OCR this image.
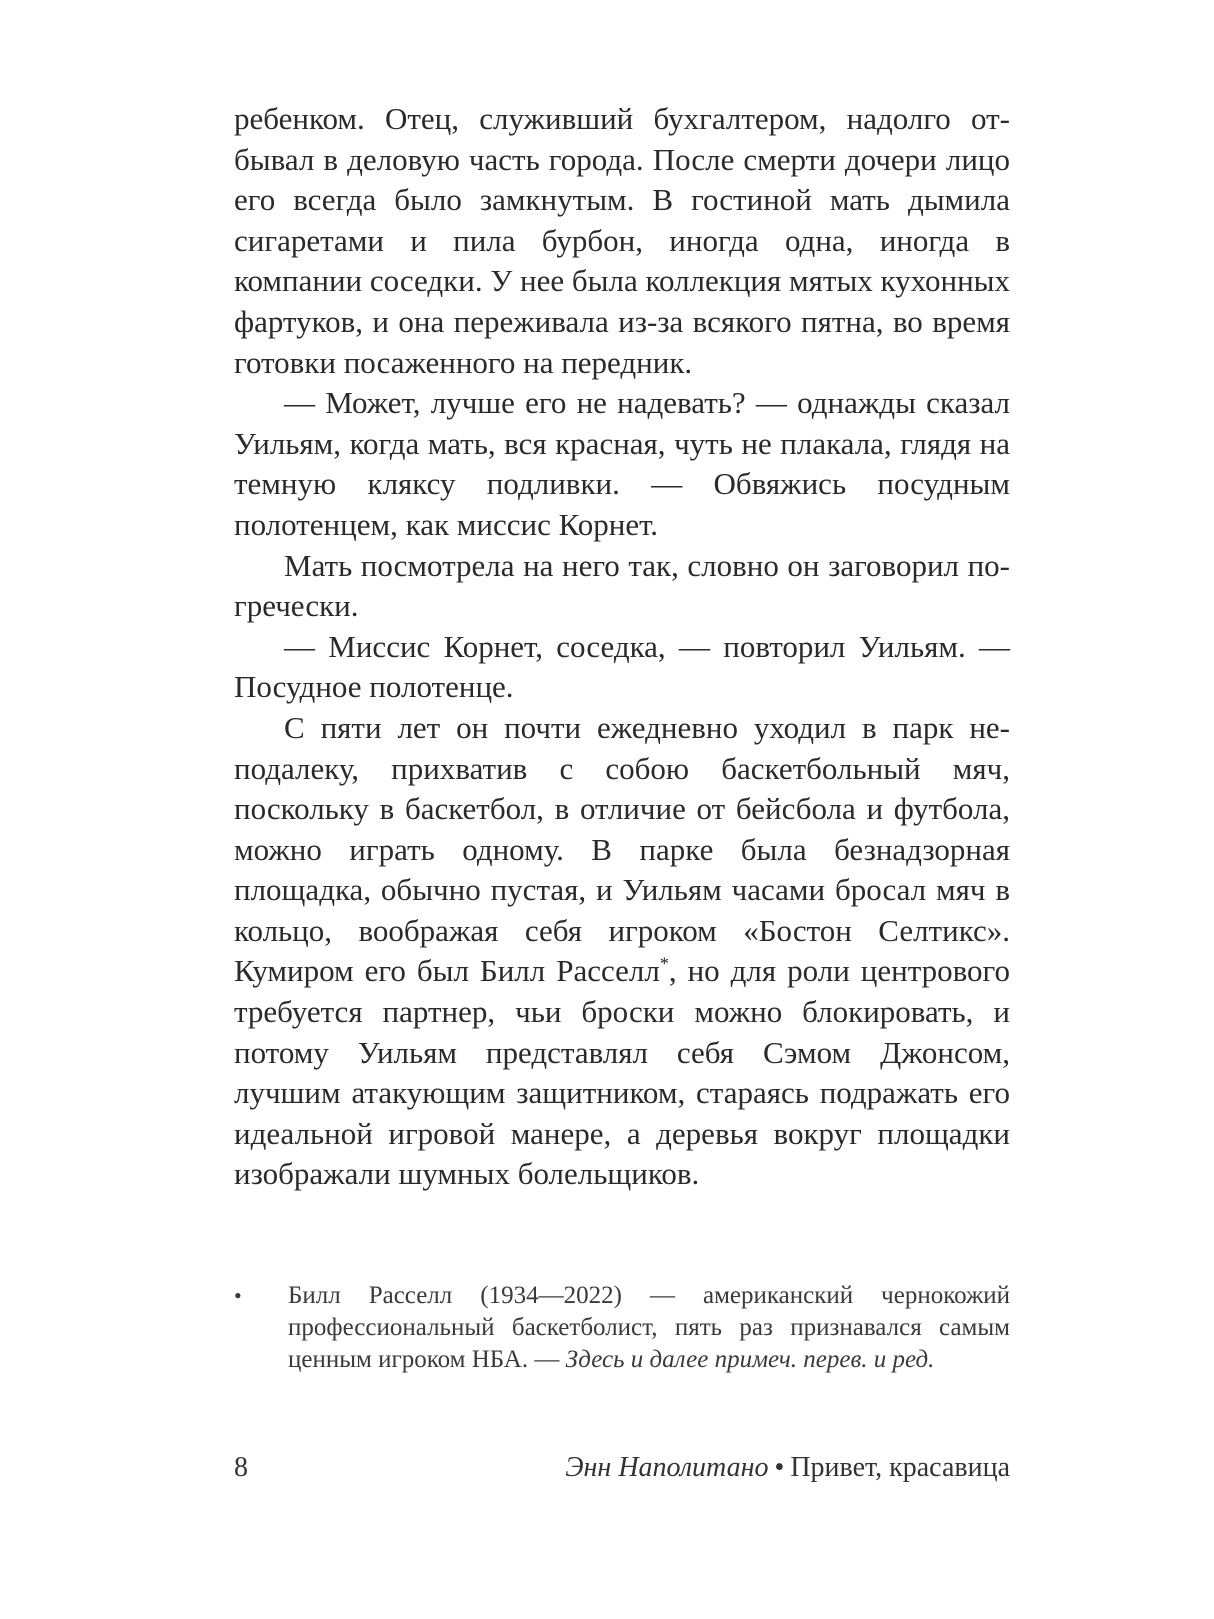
ребенком. Отец, служивший бухгалтером, надолго отбывал в деловую часть города. После смерти дочери лицо его всегда было замкнутым. В гостиной мать дымила сигаретами и пила бурбон, иногда одна, иногда в компании соседки. У нее была коллекция мятых кухонных фартуков, и она переживала из-за всякого пятна, во время готовки посаженного на передник.

— Может, лучше его не надевать? — однажды сказал Уильям, когда мать, вся красная, чуть не плакала, глядя на темную кляксу подливки. — Обвяжись посудным полотенцем, как миссис Корнет.

Мать посмотрела на него так, словно он заговорил по-гречески.

— Миссис Корнет, соседка, — повторил Уильям. — Посудное полотенце.

С пяти лет он почти ежедневно уходил в парк неподалеку, прихватив с собою баскетбольный мяч, поскольку в баскетбол, в отличие от бейсбола и футбола, можно играть одному. В парке была безнадзорная площадка, обычно пустая, и Уильям часами бросал мяч в кольцо, воображая себя игроком «Бостон Селтикс». Кумиром его был Билл Расселл*, но для роли центрового требуется партнер, чьи броски можно блокировать, и потому Уильям представлял себя Сэмом Джонсом, лучшим атакующим защитником, стараясь подражать его идеальной игровой манере, а деревья вокруг площадки изображали шумных болельщиков.

•	Билл Расселл (1934—2022) — американский чернокожий профессиональный баскетболист, пять раз признавался самым ценным игроком НБА. — Здесь и далее примеч. перев. и ред.
8	Энн Наполитано • Привет, красавица
